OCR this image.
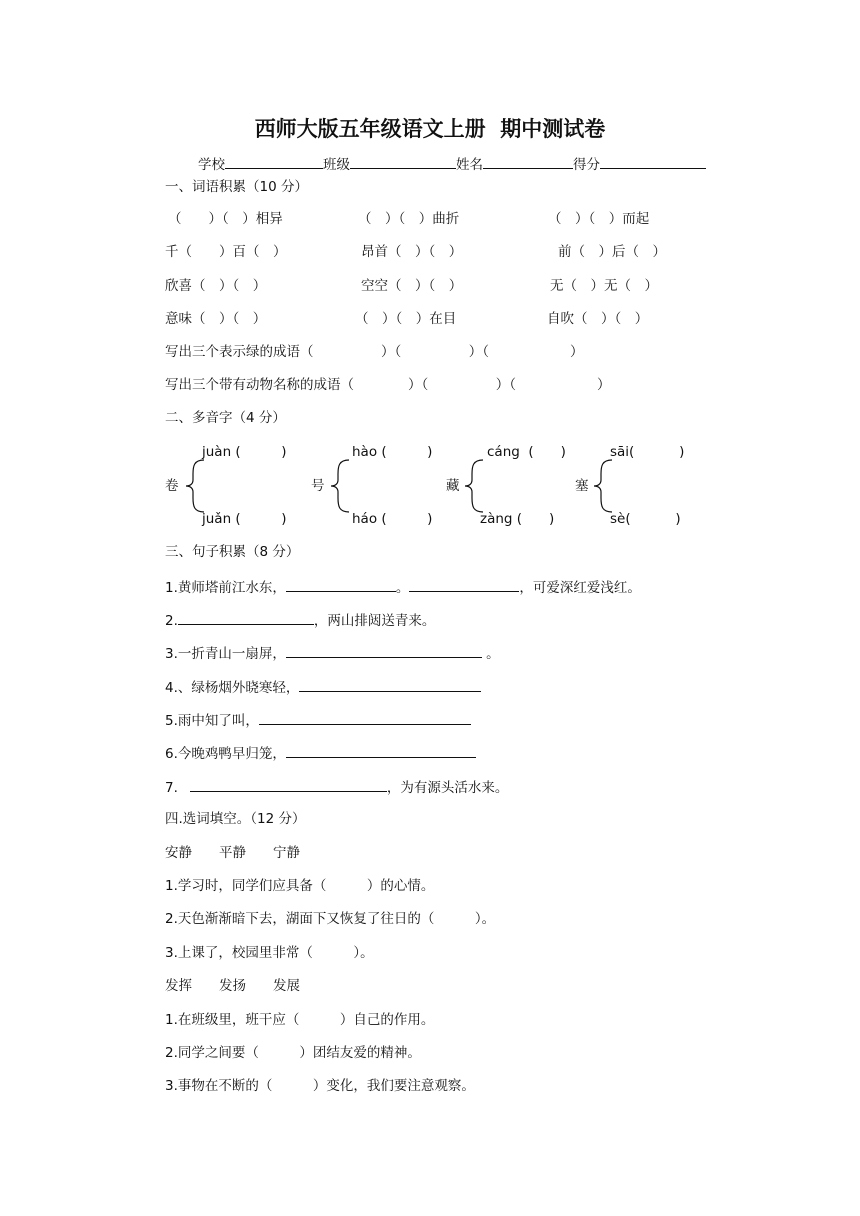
西师大版五年级语文上册  期中测试卷
学校	班级	姓名	得分
一、词语积累（10 分）
（　　）（　）相异	（　）（　）曲折	（　）（　）而起
千（　　）百（　）	昂首（　）（　）	前（　）后（　）
欣喜（　）（　）	空空（　）（　）	无（　）无（　）
意味（　）（　）	（　）（　）在目	自吹（　）（　）
写出三个表示绿的成语（　　　　　）（　　　　　）（　　　　　　）
写出三个带有动物名称的成语（　　　　）（　　　　　）（　　　　　　）
二、多音字（4 分）
juàn (　　　)
卷
juǎn (　　　)
hào (　　　)
号
háo (　　　)
cáng  (　　)
藏
zàng (　　)
sāi(　　　 )
塞
sè(　　　 )
三、句子积累（8 分）
1.黄师塔前江水东，	。	，可爱深红爱浅红。
2.	，两山排闼送青来。
3.一折青山一扇屏，	。
4.、绿杨烟外晓寒轻，
5.雨中知了叫，
6.今晚鸡鸭早归笼，
7.	，为有源头活水来。
四.选词填空。（12 分）
安静　　平静　　宁静
1.学习时，同学们应具备（　　　）的心情。
2.天色渐渐暗下去，湖面下又恢复了往日的（　　　）。
3.上课了，校园里非常（　　　）。
发挥　　发扬　　发展
1.在班级里，班干应（　　　）自己的作用。
2.同学之间要（　　　）团结友爱的精神。
3.事物在不断的（　　　）变化，我们要注意观察。
